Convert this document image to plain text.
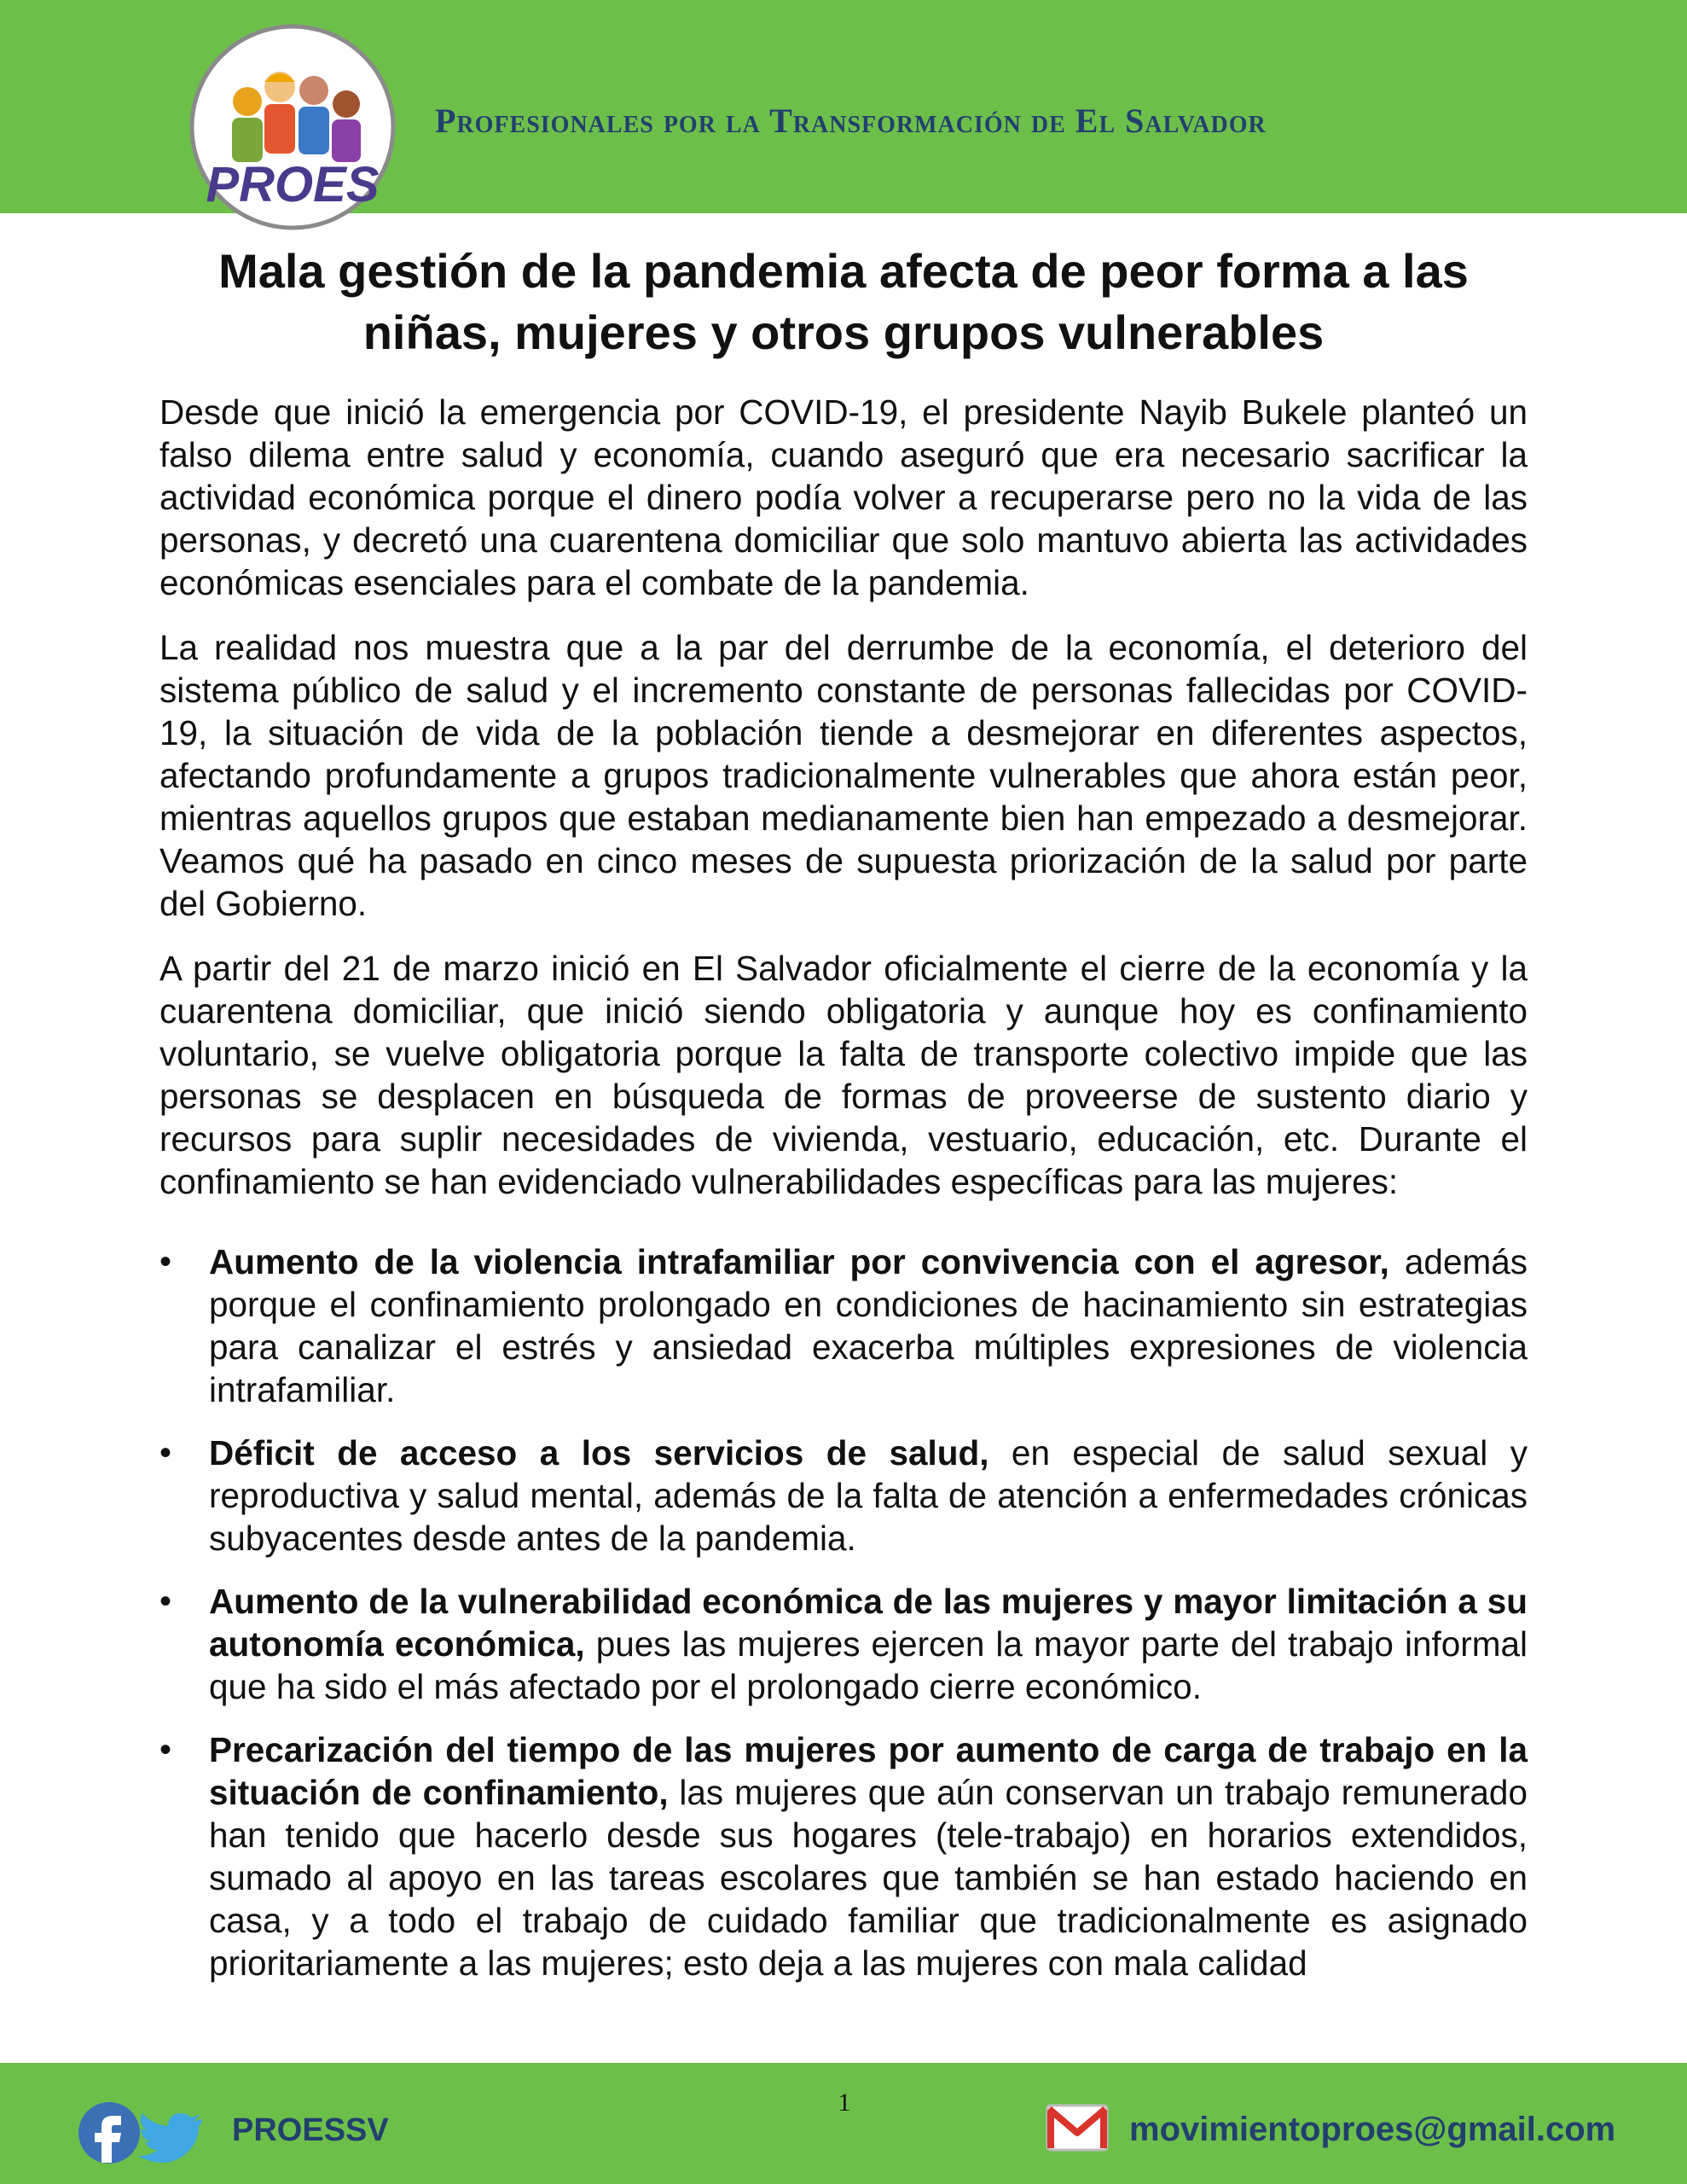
PROES
Profesionales por la Transformación de El Salvador
Mala gestión de la pandemia afecta de peor forma a las
niñas, mujeres y otros grupos vulnerables

Desde que inició la emergencia por COVID-19, el presidente Nayib Bukele planteó un falso dilema entre salud y economía, cuando aseguró que era necesario sacrificar la actividad económica porque el dinero podía volver a recuperarse pero no la vida de las personas, y decretó una cuarentena domiciliar que solo mantuvo abierta las actividades económicas esenciales para el combate de la pandemia.

La realidad nos muestra que a la par del derrumbe de la economía, el deterioro del sistema público de salud y el incremento constante de personas fallecidas por COVID-19, la situación de vida de la población tiende a desmejorar en diferentes aspectos, afectando profundamente a grupos tradicionalmente vulnerables que ahora están peor, mientras aquellos grupos que estaban medianamente bien han empezado a desmejorar. Veamos qué ha pasado en cinco meses de supuesta priorización de la salud por parte del Gobierno.

A partir del 21 de marzo inició en El Salvador oficialmente el cierre de la economía y la cuarentena domiciliar, que inició siendo obligatoria y aunque hoy es confinamiento voluntario, se vuelve obligatoria porque la falta de transporte colectivo impide que las personas se desplacen en búsqueda de formas de proveerse de sustento diario y recursos para suplir necesidades de vivienda, vestuario, educación, etc. Durante el confinamiento se han evidenciado vulnerabilidades específicas para las mujeres:

• Aumento de la violencia intrafamiliar por convivencia con el agresor, además porque el confinamiento prolongado en condiciones de hacinamiento sin estrategias para canalizar el estrés y ansiedad exacerba múltiples expresiones de violencia intrafamiliar.
• Déficit de acceso a los servicios de salud, en especial de salud sexual y reproductiva y salud mental, además de la falta de atención a enfermedades crónicas subyacentes desde antes de la pandemia.
• Aumento de la vulnerabilidad económica de las mujeres y mayor limitación a su autonomía económica, pues las mujeres ejercen la mayor parte del trabajo informal que ha sido el más afectado por el prolongado cierre económico.
• Precarización del tiempo de las mujeres por aumento de carga de trabajo en la situación de confinamiento, las mujeres que aún conservan un trabajo remunerado han tenido que hacerlo desde sus hogares (tele-trabajo) en horarios extendidos, sumado al apoyo en las tareas escolares que también se han estado haciendo en casa, y a todo el trabajo de cuidado familiar que tradicionalmente es asignado prioritariamente a las mujeres; esto deja a las mujeres con mala calidad
1
PROESSV	movimientoproes@gmail.com
